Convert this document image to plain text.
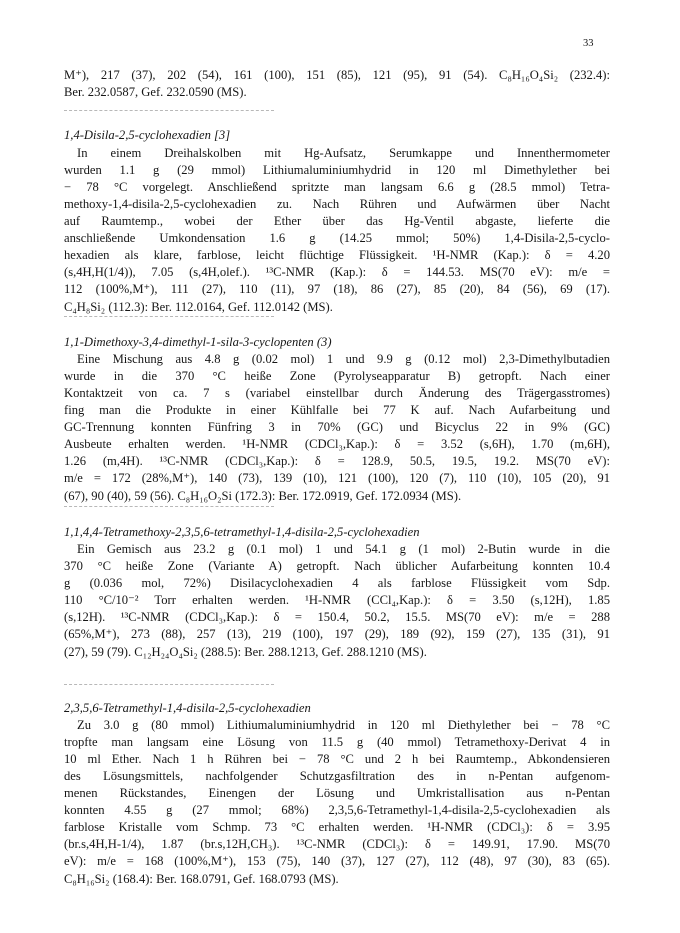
33
M⁺), 217 (37), 202 (54), 161 (100), 151 (85), 121 (95), 91 (54). C₈H₁₆O₄Si₂ (232.4):
Ber. 232.0587, Gef. 232.0590 (MS).
1,4-Disila-2,5-cyclohexadien [3]
In einem Dreihalskolben mit Hg-Aufsatz, Serumkappe und Innenthermometer
wurden 1.1 g (29 mmol) Lithiumaluminiumhydrid in 120 ml Dimethylether bei
− 78 °C vorgelegt. Anschließend spritzte man langsam 6.6 g (28.5 mmol) Tetra-
methoxy-1,4-disila-2,5-cyclohexadien zu. Nach Rühren und Aufwärmen über Nacht
auf Raumtemp., wobei der Ether über das Hg-Ventil abgaste, lieferte die
anschließende Umkondensation 1.6 g (14.25 mmol; 50%) 1,4-Disila-2,5-cyclo-
hexadien als klare, farblose, leicht flüchtige Flüssigkeit. ¹H-NMR (Kap.): δ = 4.20
(s,4H,H(1/4)), 7.05 (s,4H,olef.). ¹³C-NMR (Kap.): δ = 144.53. MS(70 eV): m/e =
112 (100%,M⁺), 111 (27), 110 (11), 97 (18), 86 (27), 85 (20), 84 (56), 69 (17).
C₄H₈Si₂ (112.3): Ber. 112.0164, Gef. 112.0142 (MS).
1,1-Dimethoxy-3,4-dimethyl-1-sila-3-cyclopenten (3)
Eine Mischung aus 4.8 g (0.02 mol) 1 und 9.9 g (0.12 mol) 2,3-Dimethylbutadien
wurde in die 370 °C heiße Zone (Pyrolyseapparatur B) getropft. Nach einer
Kontaktzeit von ca. 7 s (variabel einstellbar durch Änderung des Trägergasstromes)
fing man die Produkte in einer Kühlfalle bei 77 K auf. Nach Aufarbeitung und
GC-Trennung konnten Fünfring 3 in 70% (GC) und Bicyclus 22 in 9% (GC)
Ausbeute erhalten werden. ¹H-NMR (CDCl₃,Kap.): δ = 3.52 (s,6H), 1.70 (m,6H),
1.26 (m,4H). ¹³C-NMR (CDCl₃,Kap.): δ = 128.9, 50.5, 19.5, 19.2. MS(70 eV):
m/e = 172 (28%,M⁺), 140 (73), 139 (10), 121 (100), 120 (7), 110 (10), 105 (20), 91
(67), 90 (40), 59 (56). C₈H₁₆O₂Si (172.3): Ber. 172.0919, Gef. 172.0934 (MS).
1,1,4,4-Tetramethoxy-2,3,5,6-tetramethyl-1,4-disila-2,5-cyclohexadien
Ein Gemisch aus 23.2 g (0.1 mol) 1 und 54.1 g (1 mol) 2-Butin wurde in die
370 °C heiße Zone (Variante A) getropft. Nach üblicher Aufarbeitung konnten 10.4
g (0.036 mol, 72%) Disilacyclohexadien 4 als farblose Flüssigkeit vom Sdp.
110 °C/10⁻² Torr erhalten werden. ¹H-NMR (CCl₄,Kap.): δ = 3.50 (s,12H), 1.85
(s,12H). ¹³C-NMR (CDCl₃,Kap.): δ = 150.4, 50.2, 15.5. MS(70 eV): m/e = 288
(65%,M⁺), 273 (88), 257 (13), 219 (100), 197 (29), 189 (92), 159 (27), 135 (31), 91
(27), 59 (79). C₁₂H₂₄O₄Si₂ (288.5): Ber. 288.1213, Gef. 288.1210 (MS).
2,3,5,6-Tetramethyl-1,4-disila-2,5-cyclohexadien
Zu 3.0 g (80 mmol) Lithiumaluminiumhydrid in 120 ml Diethylether bei − 78 °C
tropfte man langsam eine Lösung von 11.5 g (40 mmol) Tetramethoxy-Derivat 4 in
10 ml Ether. Nach 1 h Rühren bei − 78 °C und 2 h bei Raumtemp., Abkondensieren
des Lösungsmittels, nachfolgender Schutzgasfiltration des in n-Pentan aufgenom-
menen Rückstandes, Einengen der Lösung und Umkristallisation aus n-Pentan
konnten 4.55 g (27 mmol; 68%) 2,3,5,6-Tetramethyl-1,4-disila-2,5-cyclohexadien als
farblose Kristalle vom Schmp. 73 °C erhalten werden. ¹H-NMR (CDCl₃): δ = 3.95
(br.s,4H,H-1/4), 1.87 (br.s,12H,CH₃). ¹³C-NMR (CDCl₃): δ = 149.91, 17.90. MS(70
eV): m/e = 168 (100%,M⁺), 153 (75), 140 (37), 127 (27), 112 (48), 97 (30), 83 (65).
C₈H₁₆Si₂ (168.4): Ber. 168.0791, Gef. 168.0793 (MS).
